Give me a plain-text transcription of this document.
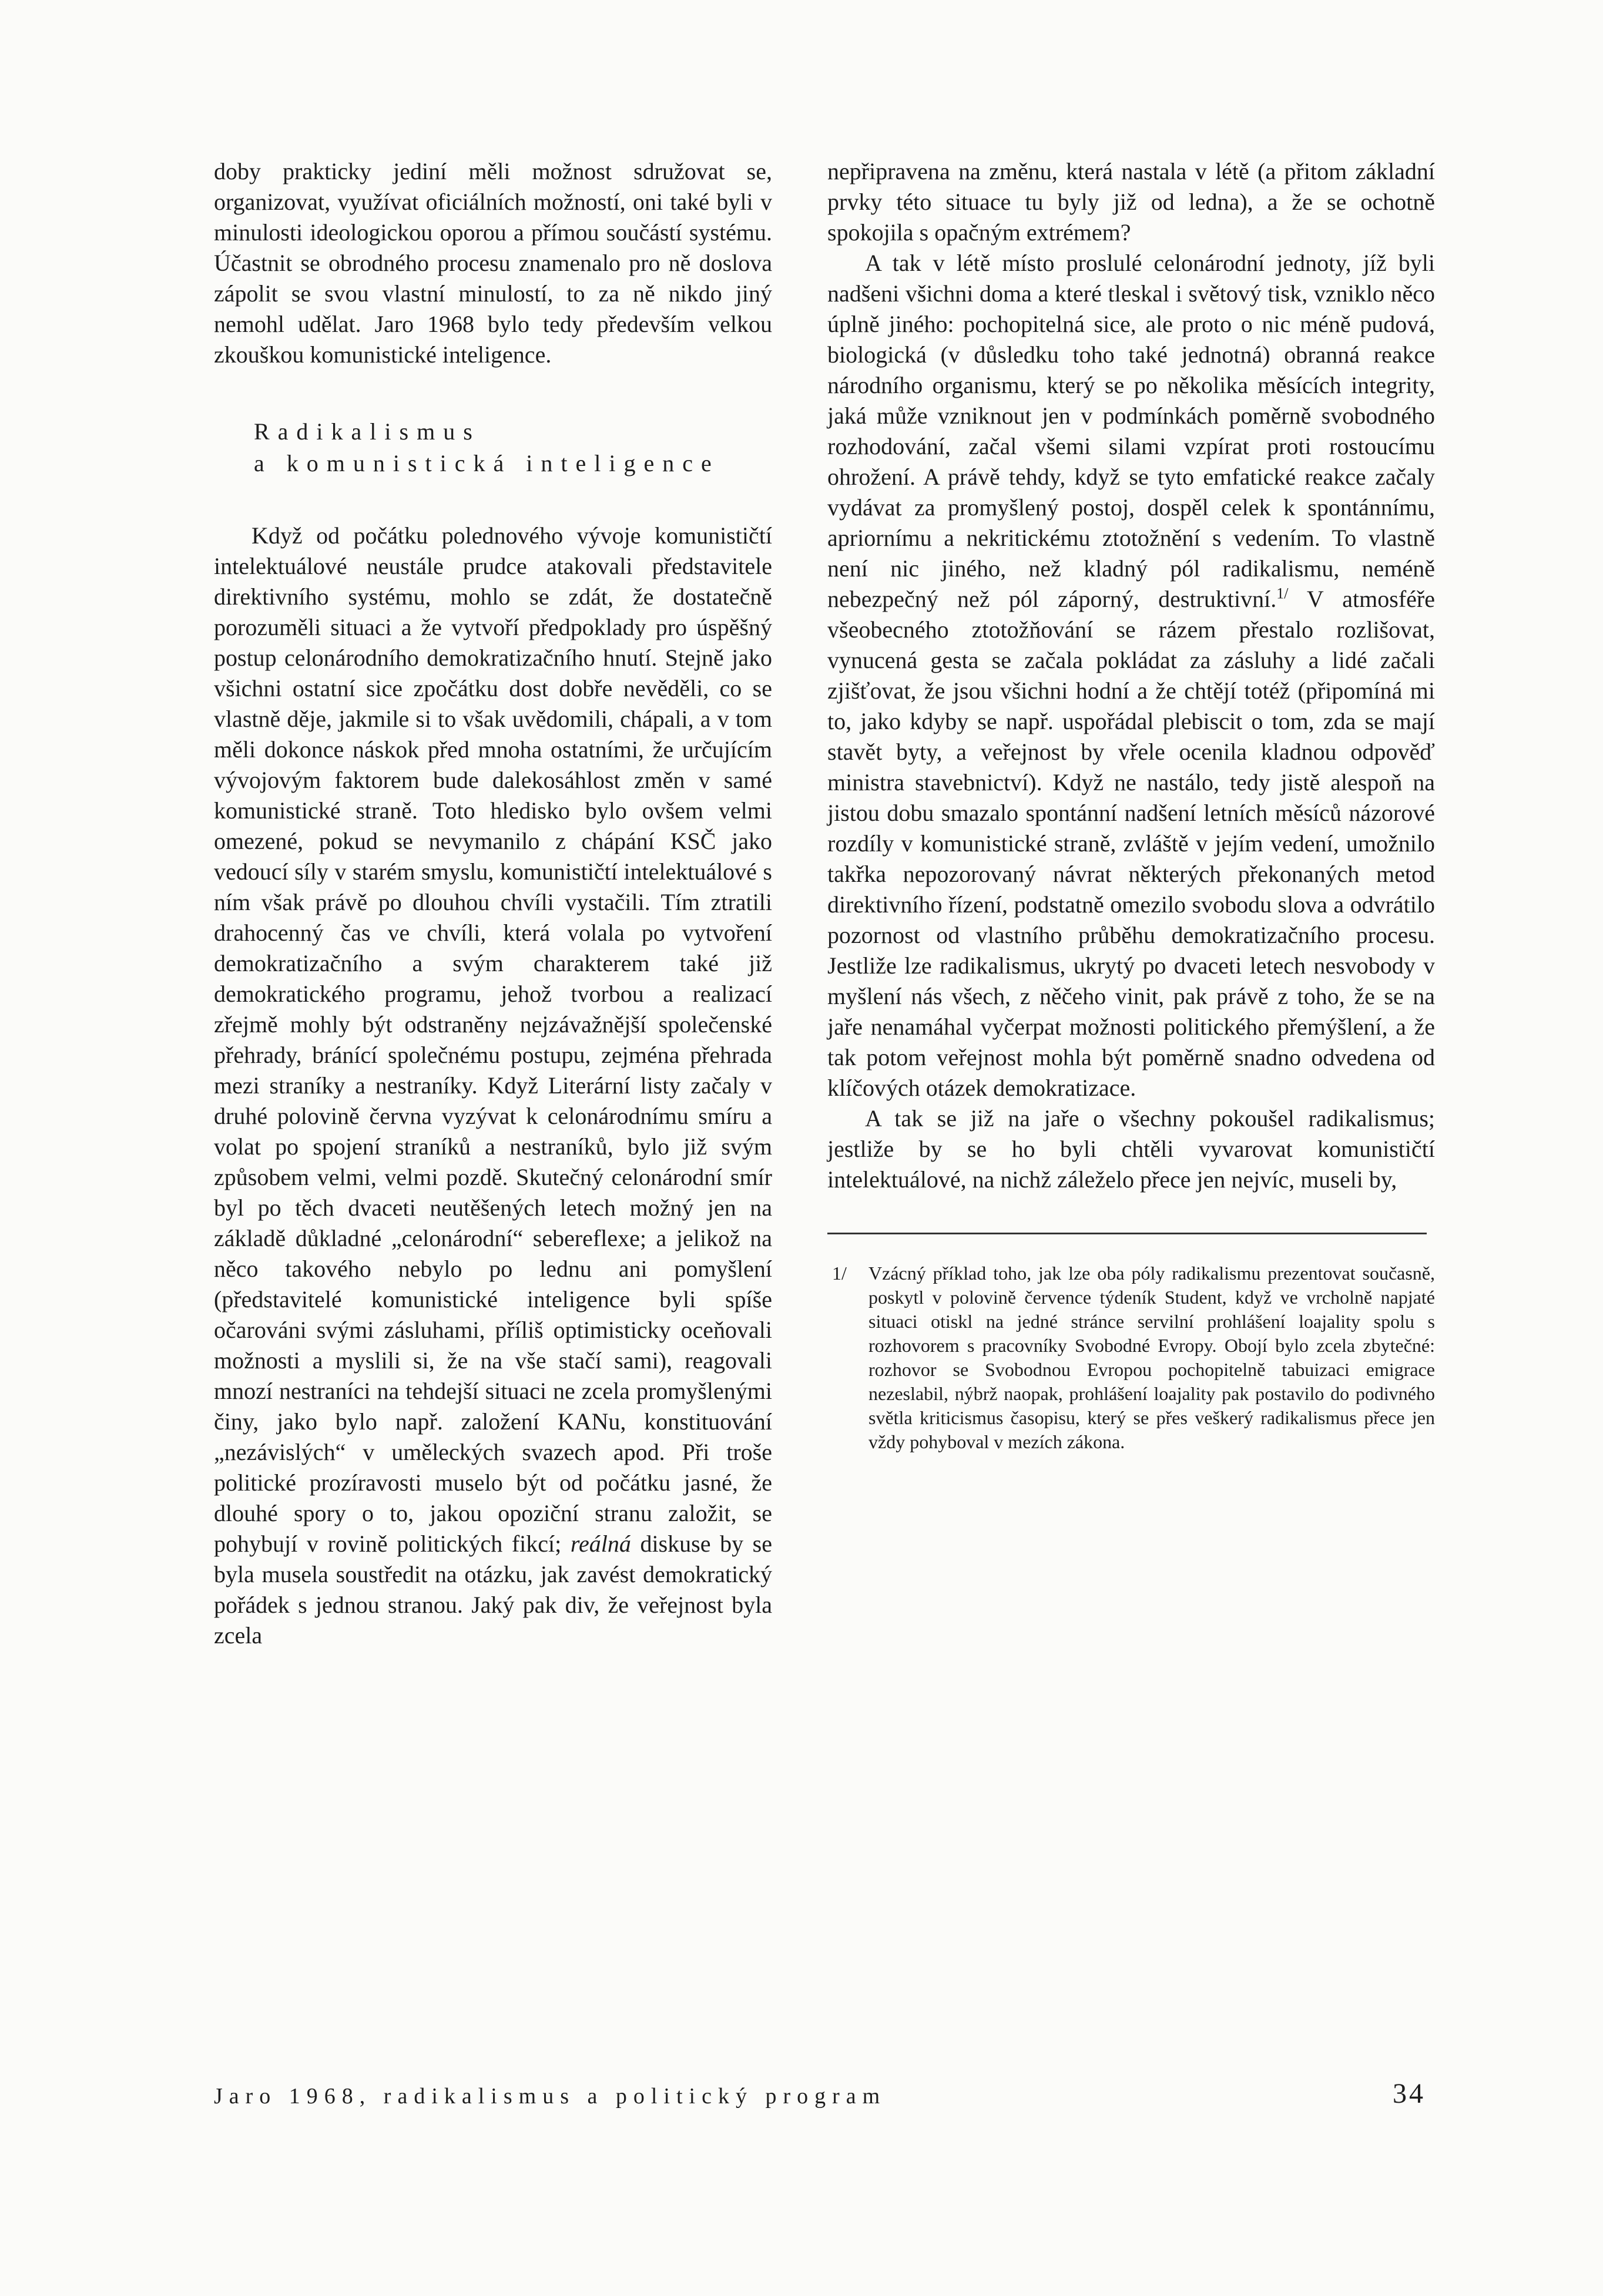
doby prakticky jediní měli možnost sdružovat se, organizovat, využívat oficiálních možností, oni také byli v minulosti ideologickou oporou a přímou součástí systému. Účastnit se obrodného procesu znamenalo pro ně doslova zápolit se svou vlastní minulostí, to za ně nikdo jiný nemohl udělat. Jaro 1968 bylo tedy především velkou zkouškou komunistické inteligence.

Radikalismus
a komunistická inteligence

Když od počátku polednového vývoje komunističtí intelektuálové neustále prudce atakovali představitele direktivního systému, mohlo se zdát, že dostatečně porozuměli situaci a že vytvoří předpoklady pro úspěšný postup celonárodního demokratizačního hnutí. Stejně jako všichni ostatní sice zpočátku dost dobře nevěděli, co se vlastně děje, jakmile si to však uvědomili, chápali, a v tom měli dokonce náskok před mnoha ostatními, že určujícím vývojovým faktorem bude dalekosáhlost změn v samé komunistické straně. Toto hledisko bylo ovšem velmi omezené, pokud se nevymanilo z chápání KSČ jako vedoucí síly v starém smyslu, komunističtí intelektuálové s ním však právě po dlouhou chvíli vystačili. Tím ztratili drahocenný čas ve chvíli, která volala po vytvoření demokratizačního a svým charakterem také již demokratického programu, jehož tvorbou a realizací zřejmě mohly být odstraněny nejzávažnější společenské přehrady, bránící společnému postupu, zejména přehrada mezi straníky a nestraníky. Když Literární listy začaly v druhé polovině června vyzývat k celonárodnímu smíru a volat po spojení straníků a nestraníků, bylo již svým způsobem velmi, velmi pozdě. Skutečný celonárodní smír byl po těch dvaceti neutěšených letech možný jen na základě důkladné „celonárodní“ sebereflexe; a jelikož na něco takového nebylo po lednu ani pomyšlení (představitelé komunistické inteligence byli spíše očarováni svými zásluhami, příliš optimisticky oceňovali možnosti a myslili si, že na vše stačí sami), reagovali mnozí nestraníci na tehdejší situaci ne zcela promyšlenými činy, jako bylo např. založení KANu, konstituování „nezávislých“ v uměleckých svazech apod. Při troše politické prozíravosti muselo být od počátku jasné, že dlouhé spory o to, jakou opoziční stranu založit, se pohybují v rovině politických fikcí; reálná diskuse by se byla musela soustředit na otázku, jak zavést demokratický pořádek s jednou stranou. Jaký pak div, že veřejnost byla zcela

nepřipravena na změnu, která nastala v létě (a přitom základní prvky této situace tu byly již od ledna), a že se ochotně spokojila s opačným extrémem?

A tak v létě místo proslulé celonárodní jednoty, jíž byli nadšeni všichni doma a které tleskal i světový tisk, vzniklo něco úplně jiného: pochopitelná sice, ale proto o nic méně pudová, biologická (v důsledku toho také jednotná) obranná reakce národního organismu, který se po několika měsících integrity, jaká může vzniknout jen v podmínkách poměrně svobodného rozhodování, začal všemi silami vzpírat proti rostoucímu ohrožení. A právě tehdy, když se tyto emfatické reakce začaly vydávat za promyšlený postoj, dospěl celek k spontánnímu, apriornímu a nekritickému ztotožnění s vedením. To vlastně není nic jiného, než kladný pól radikalismu, neméně nebezpečný než pól záporný, destruktivní.$^{1/}$ V atmosféře všeobecného ztotožňování se rázem přestalo rozlišovat, vynucená gesta se začala pokládat za zásluhy a lidé začali zjišťovat, že jsou všichni hodní a že chtějí totéž (připomíná mi to, jako kdyby se např. uspořádal plebiscit o tom, zda se mají stavět byty, a veřejnost by vřele ocenila kladnou odpověď ministra stavebnictví). Když ne nastálo, tedy jistě alespoň na jistou dobu smazalo spontánní nadšení letních měsíců názorové rozdíly v komunistické straně, zvláště v jejím vedení, umožnilo takřka nepozorovaný návrat některých překonaných metod direktivního řízení, podstatně omezilo svobodu slova a odvrátilo pozornost od vlastního průběhu demokratizačního procesu. Jestliže lze radikalismus, ukrytý po dvaceti letech nesvobody v myšlení nás všech, z něčeho vinit, pak právě z toho, že se na jaře nenamáhal vyčerpat možnosti politického přemýšlení, a že tak potom veřejnost mohla být poměrně snadno odvedena od klíčových otázek demokratizace.

A tak se již na jaře o všechny pokoušel radikalismus; jestliže by se ho byli chtěli vyvarovat komunističtí intelektuálové, na nichž záleželo přece jen nejvíc, museli by,

1/ Vzácný příklad toho, jak lze oba póly radikalismu prezentovat současně, poskytl v polovině července týdeník Student, když ve vrcholně napjaté situaci otiskl na jedné stránce servilní prohlášení loajality spolu s rozhovorem s pracovníky Svobodné Evropy. Obojí bylo zcela zbytečné: rozhovor se Svobodnou Evropou pochopitelně tabuizaci emigrace nezeslabil, nýbrž naopak, prohlášení loajality pak postavilo do podivného světla kriticismus časopisu, který se přes veškerý radikalismus přece jen vždy pohyboval v mezích zákona.
Jaro 1968, radikalismus a politický program	34
